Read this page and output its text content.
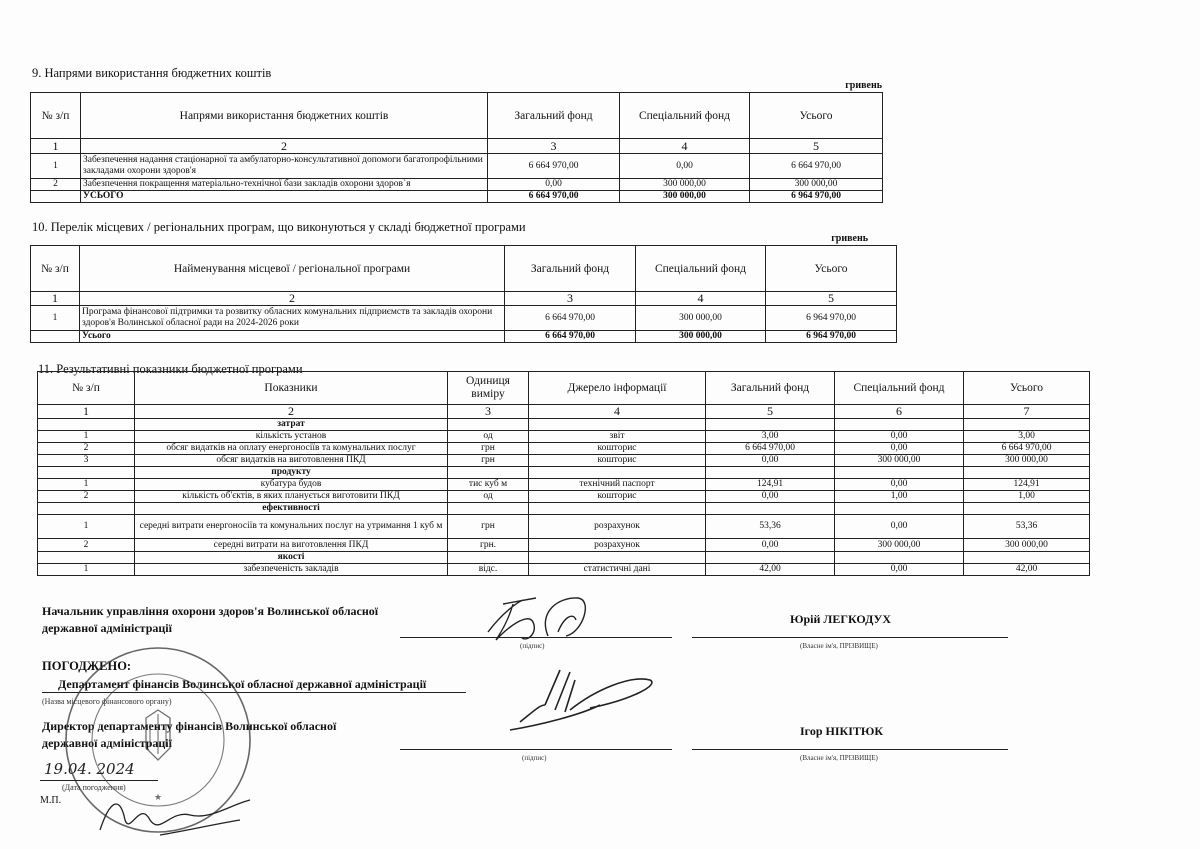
9. Напрями використання бюджетних коштів
гривень
№ з/п	Напрями використання бюджетних коштів	Загальний фонд	Спеціальний фонд	Усього
1	2	3	4	5
1	Забезпечення надання стаціонарної та амбулаторно-консультативної допомоги багатопрофільними закладами охорони здоров'я	6 664 970,00	0,00	6 664 970,00
2	Забезпечення покращення матеріально-технічної бази закладів охорони здоров`я	0,00	300 000,00	300 000,00
	УСЬОГО	6 664 970,00	300 000,00	6 964 970,00
10. Перелік місцевих / регіональних програм, що виконуються у складі бюджетної програми
гривень
№ з/п	Найменування місцевої / регіональної програми	Загальний фонд	Спеціальний фонд	Усього
1	2	3	4	5
1	Програма фінансової підтримки та розвитку обласних комунальних підприємств та закладів охорони здоров'я Волинської обласної ради на 2024-2026 роки	6 664 970,00	300 000,00	6 964 970,00
	Усього	6 664 970,00	300 000,00	6 964 970,00
11. Результативні показники бюджетної програми
№ з/п	Показники	Одиниця виміру	Джерело інформації	Загальний фонд	Спеціальний фонд	Усього
1	2	3	4	5	6	7
	затрат					
1	кількість установ	од	звіт	3,00	0,00	3,00
2	обсяг видатків на оплату енергоносіїв та комунальних послуг	грн	кошторис	6 664 970,00	0,00	6 664 970,00
3	обсяг видатків на виготовлення ПКД	грн	кошторис	0,00	300 000,00	300 000,00
	продукту					
1	кубатура будов	тис куб м	технічний паспорт	124,91	0,00	124,91
2	кількість об'єктів, в яких планується виготовити ПКД	од	кошторис	0,00	1,00	1,00
	ефективності					
1	середні витрати енергоносіїв та комунальних послуг на утримання 1 куб м	грн	розрахунок	53,36	0,00	53,36
2	середні витрати на виготовлення ПКД	грн.	розрахунок	0,00	300 000,00	300 000,00
	якості					
1	забезпеченість закладів	відс.	статистичні дані	42,00	0,00	42,00
Начальник управління охорони здоров'я Волинської обласної державної адміністрації
(підпис)
Юрій ЛЕГКОДУХ
(Власне ім'я, ПРІЗВИЩЕ)
ПОГОДЖЕНО:
Департамент фінансів Волинської обласної державної адміністрації
(Назва місцевого фінансового органу)
Директор департаменту фінансів Волинської обласної державної адміністрації
(підпис)
Ігор НІКІТЮК
(Власне ім'я, ПРІЗВИЩЕ)
19.04. 2024
(Дата погодження)
М.П.	★
